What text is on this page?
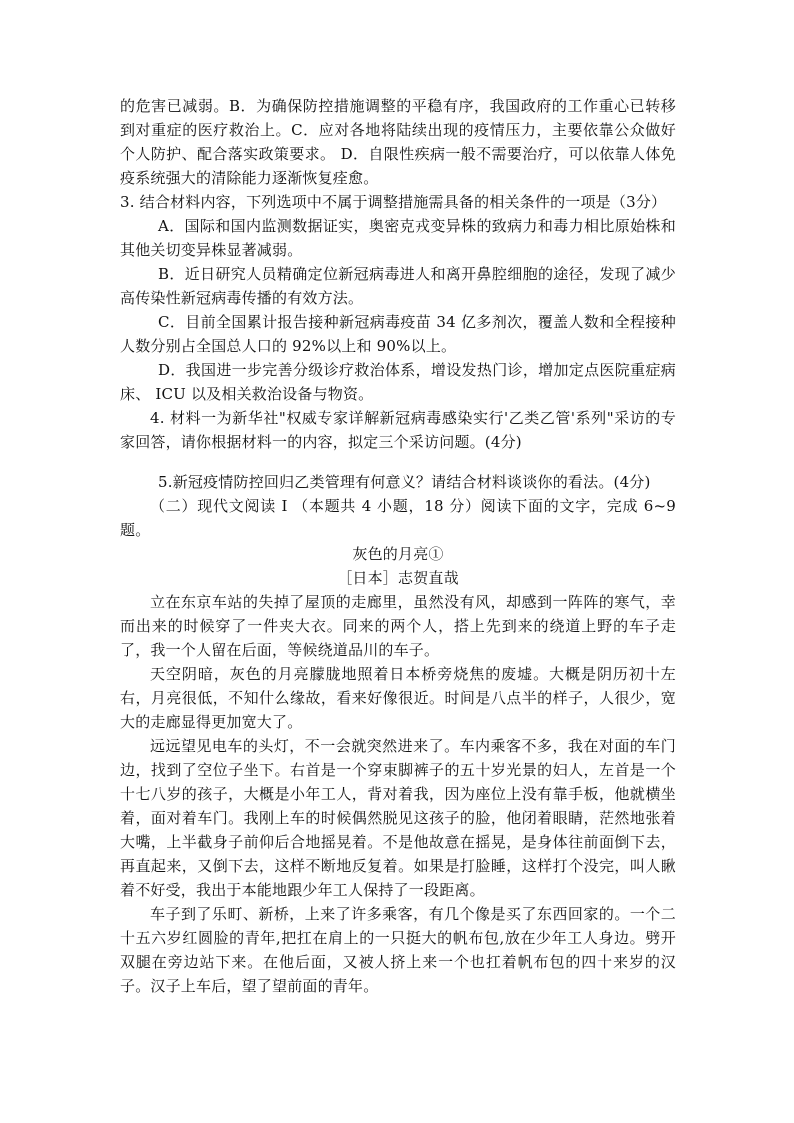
的危害已减弱。B．为确保防控措施调整的平稳有序，我国政府的工作重心已转移到对重症的医疗救治上。C．应对各地将陆续出现的疫情压力，主要依靠公众做好个人防护、配合落实政策要求。 D．自限性疾病一般不需要治疗，可以依靠人体免疫系统强大的清除能力逐渐恢复痊愈。

3. 结合材料内容，下列选项中不属于调整措施需具备的相关条件的一项是（3分）

A．国际和国内监测数据证实，奥密克戎变异株的致病力和毒力相比原始株和其他关切变异株显著减弱。

B．近日研究人员精确定位新冠病毒进人和离开鼻腔细胞的途径，发现了减少高传染性新冠病毒传播的有效方法。

C．目前全国累计报告接种新冠病毒疫苗 34 亿多剂次，覆盖人数和全程接种人数分别占全国总人口的 92%以上和 90%以上。

D．我国进一步完善分级诊疗救治体系，增设发热门诊，增加定点医院重症病床、 ICU 以及相关救治设备与物资。

4. 材料一为新华社"权威专家详解新冠病毒感染实行'乙类乙管'系列"采访的专家回答，请你根据材料一的内容，拟定三个采访问题。(4分)

5.新冠疫情防控回归乙类管理有何意义？请结合材料谈谈你的看法。(4分)

（二）现代文阅读 I （本题共 4 小题，18 分）阅读下面的文字，完成 6~9 题。

灰色的月亮①

［日本］志贺直哉

立在东京车站的失掉了屋顶的走廊里，虽然没有风，却感到一阵阵的寒气，幸而出来的时候穿了一件夹大衣。同来的两个人，搭上先到来的绕道上野的车子走了，我一个人留在后面，等候绕道品川的车子。

天空阴暗，灰色的月亮朦胧地照着日本桥旁烧焦的废墟。大概是阴历初十左右，月亮很低，不知什么缘故，看来好像很近。时间是八点半的样子，人很少，宽大的走廊显得更加宽大了。

远远望见电车的头灯，不一会就突然进来了。车内乘客不多，我在对面的车门边，找到了空位子坐下。右首是一个穿束脚裤子的五十岁光景的妇人，左首是一个十七八岁的孩子，大概是小年工人，背对着我，因为座位上没有靠手板，他就横坐着，面对着车门。我刚上车的时候偶然脱见这孩子的脸，他闭着眼睛，茫然地张着大嘴，上半截身子前仰后合地摇晃着。不是他故意在摇晃，是身体往前面倒下去，再直起来，又倒下去，这样不断地反复着。如果是打脸睡，这样打个没完，叫人瞅着不好受，我出于本能地跟少年工人保持了一段距离。

车子到了乐町、新桥，上来了许多乘客，有几个像是买了东西回家的。一个二十五六岁红圆脸的青年,把扛在肩上的一只挺大的帆布包,放在少年工人身边。劈开双腿在旁边站下来。在他后面，又被人挤上来一个也扛着帆布包的四十来岁的汉子。汉子上车后，望了望前面的青年。
